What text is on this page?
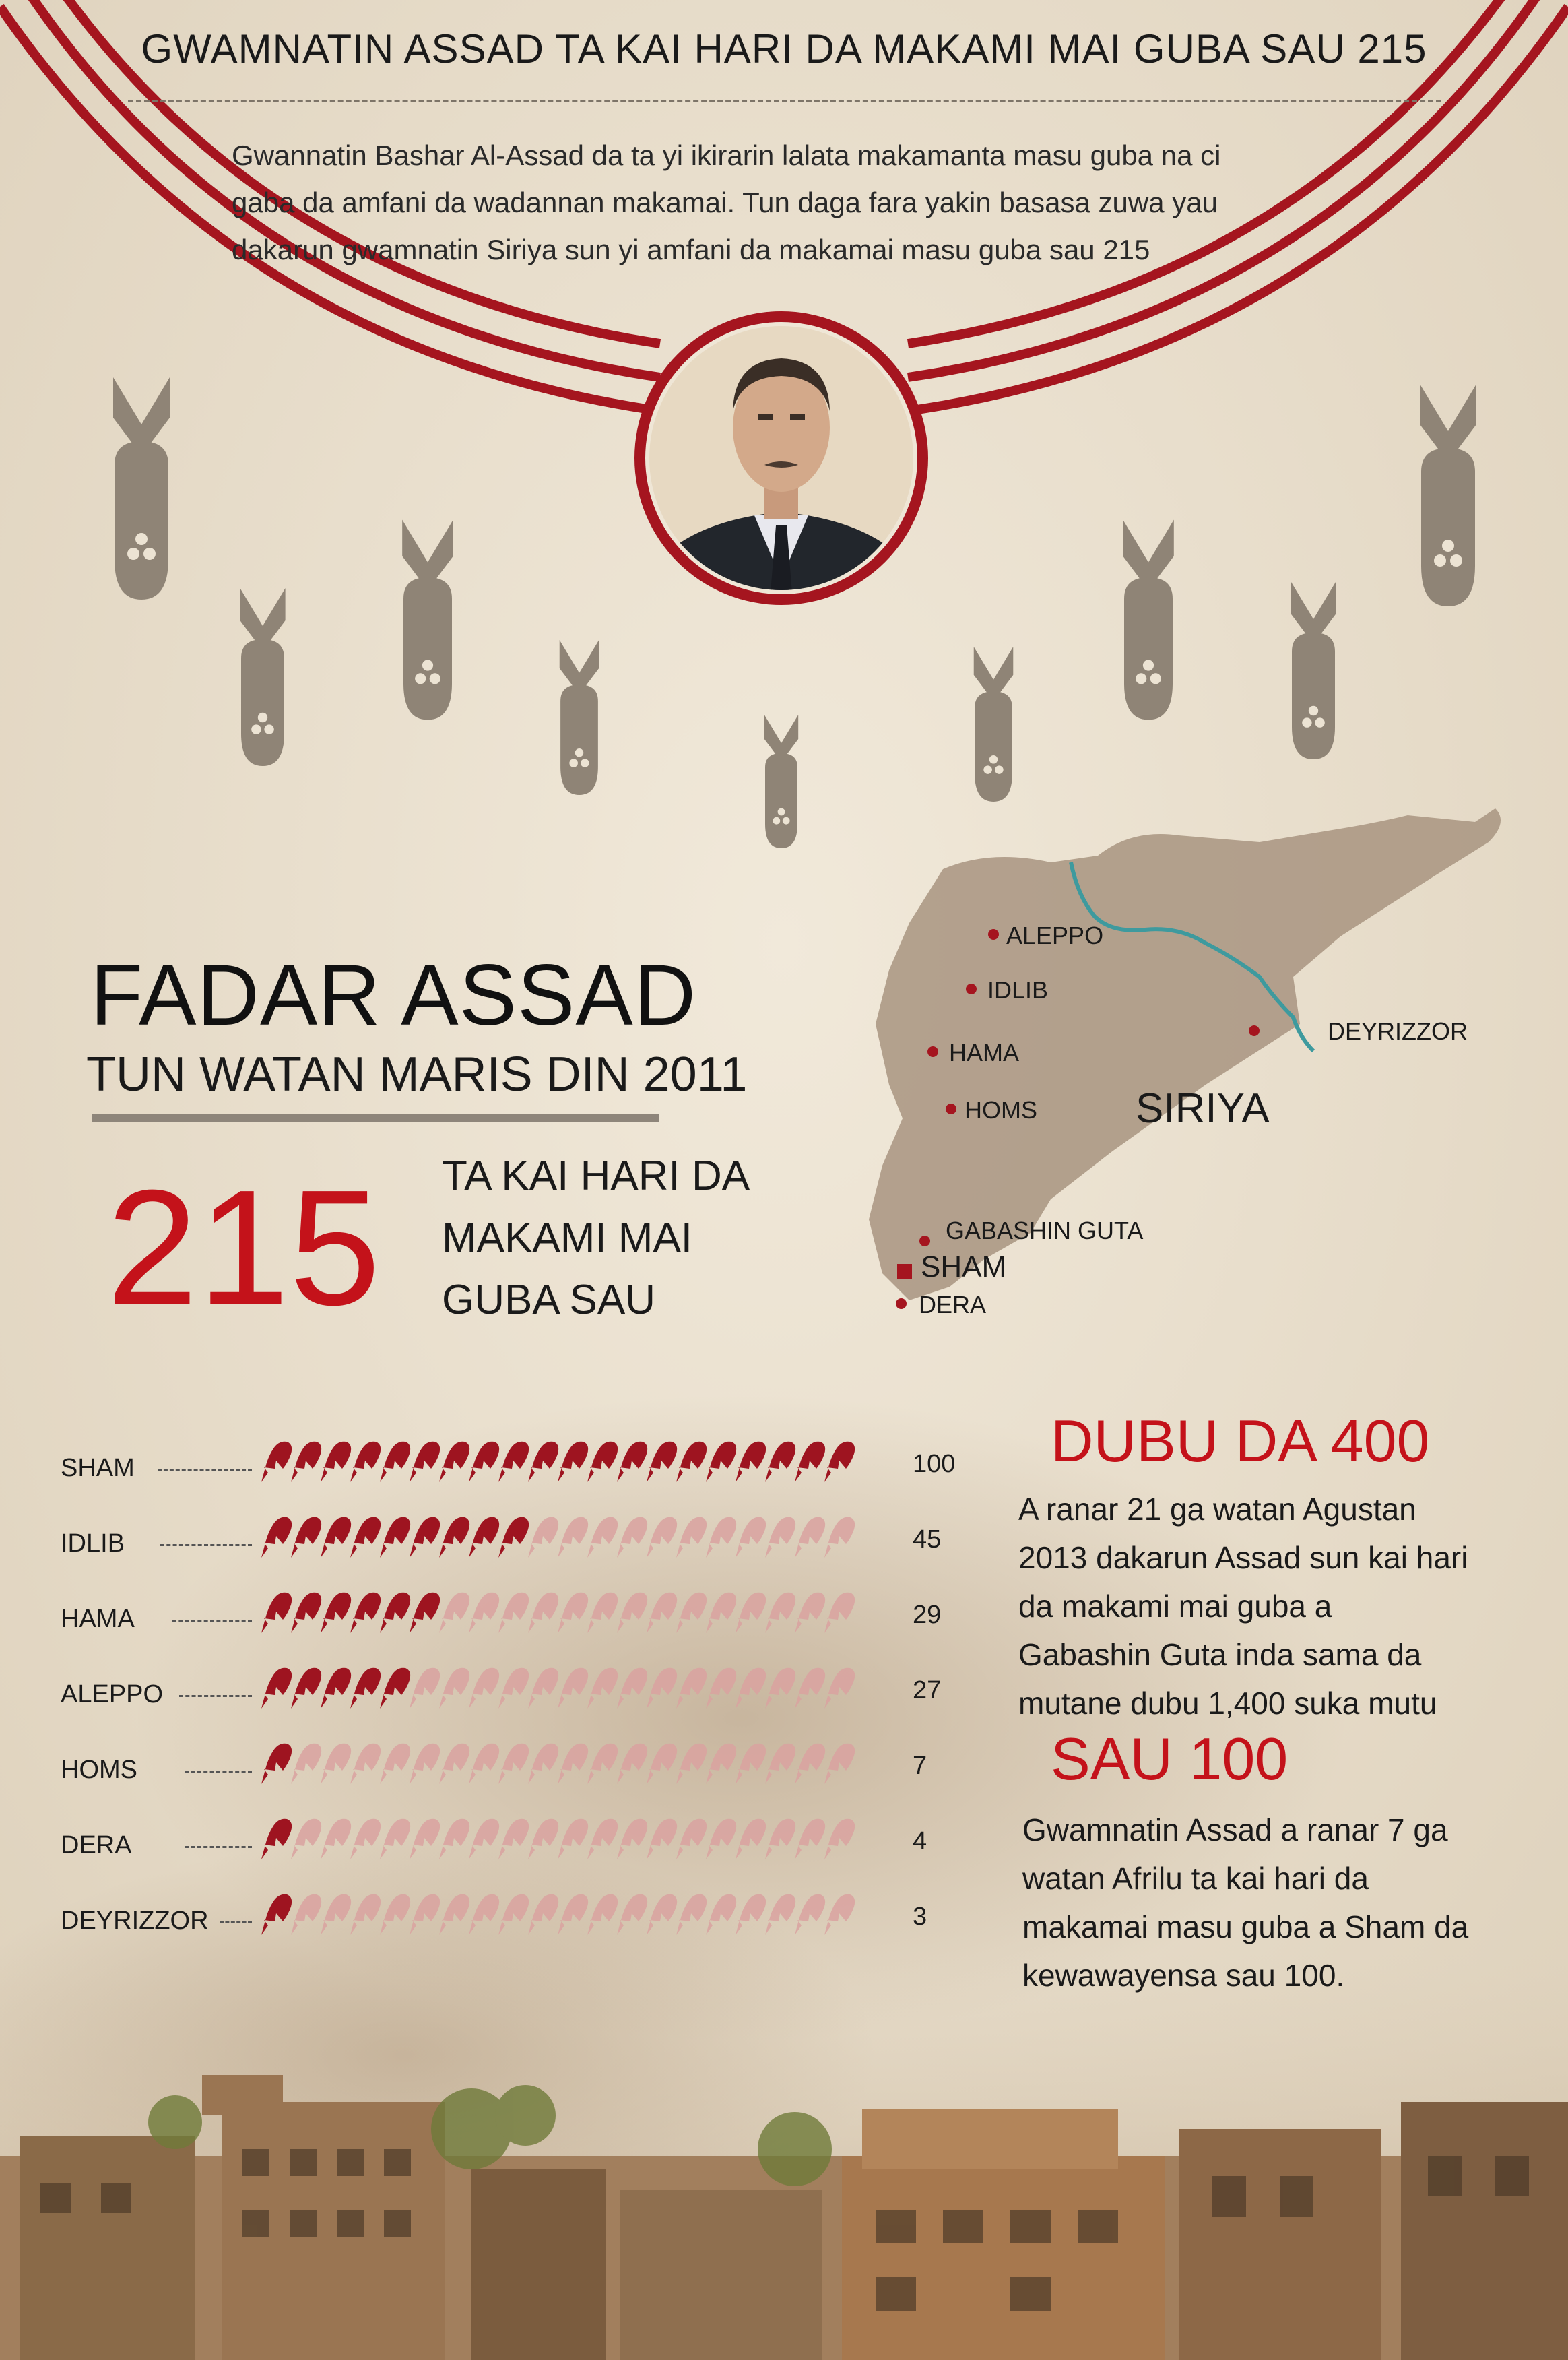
GWAMNATIN ASSAD TA KAI HARI DA MAKAMI MAI GUBA SAU 215
Gwannatin Bashar Al-Assad da ta yi ikirarin lalata makamanta masu guba na ci
gaba da amfani da wadannan makamai. Tun daga fara yakin basasa zuwa yau
dakarun gwamnatin Siriya sun yi amfani da makamai masu guba sau 215
FADAR ASSAD
TUN WATAN MARIS DIN 2011
215 TA KAI HARI DA
MAKAMI MAI
GUBA SAU
ALEPPO
IDLIB
DEYRIZZOR
HAMA
HOMS SIRIYA
GABASHIN GUTA
SHAM
DERA
SHAM
IDLIB
HAMA
ALEPPO
HOMS
DERA
DEYRIZZOR
100
45
29
27
7
4
3
DUBU DA 400
A ranar 21 ga watan Agustan
2013 dakarun Assad sun kai hari
da makami mai guba a
Gabashin Guta inda sama da
mutane dubu 1,400 suka mutu
SAU 100
Gwamnatin Assad a ranar 7 ga
watan Afrilu ta kai hari da
makamai masu guba a Sham da
kewawayensa sau 100.
